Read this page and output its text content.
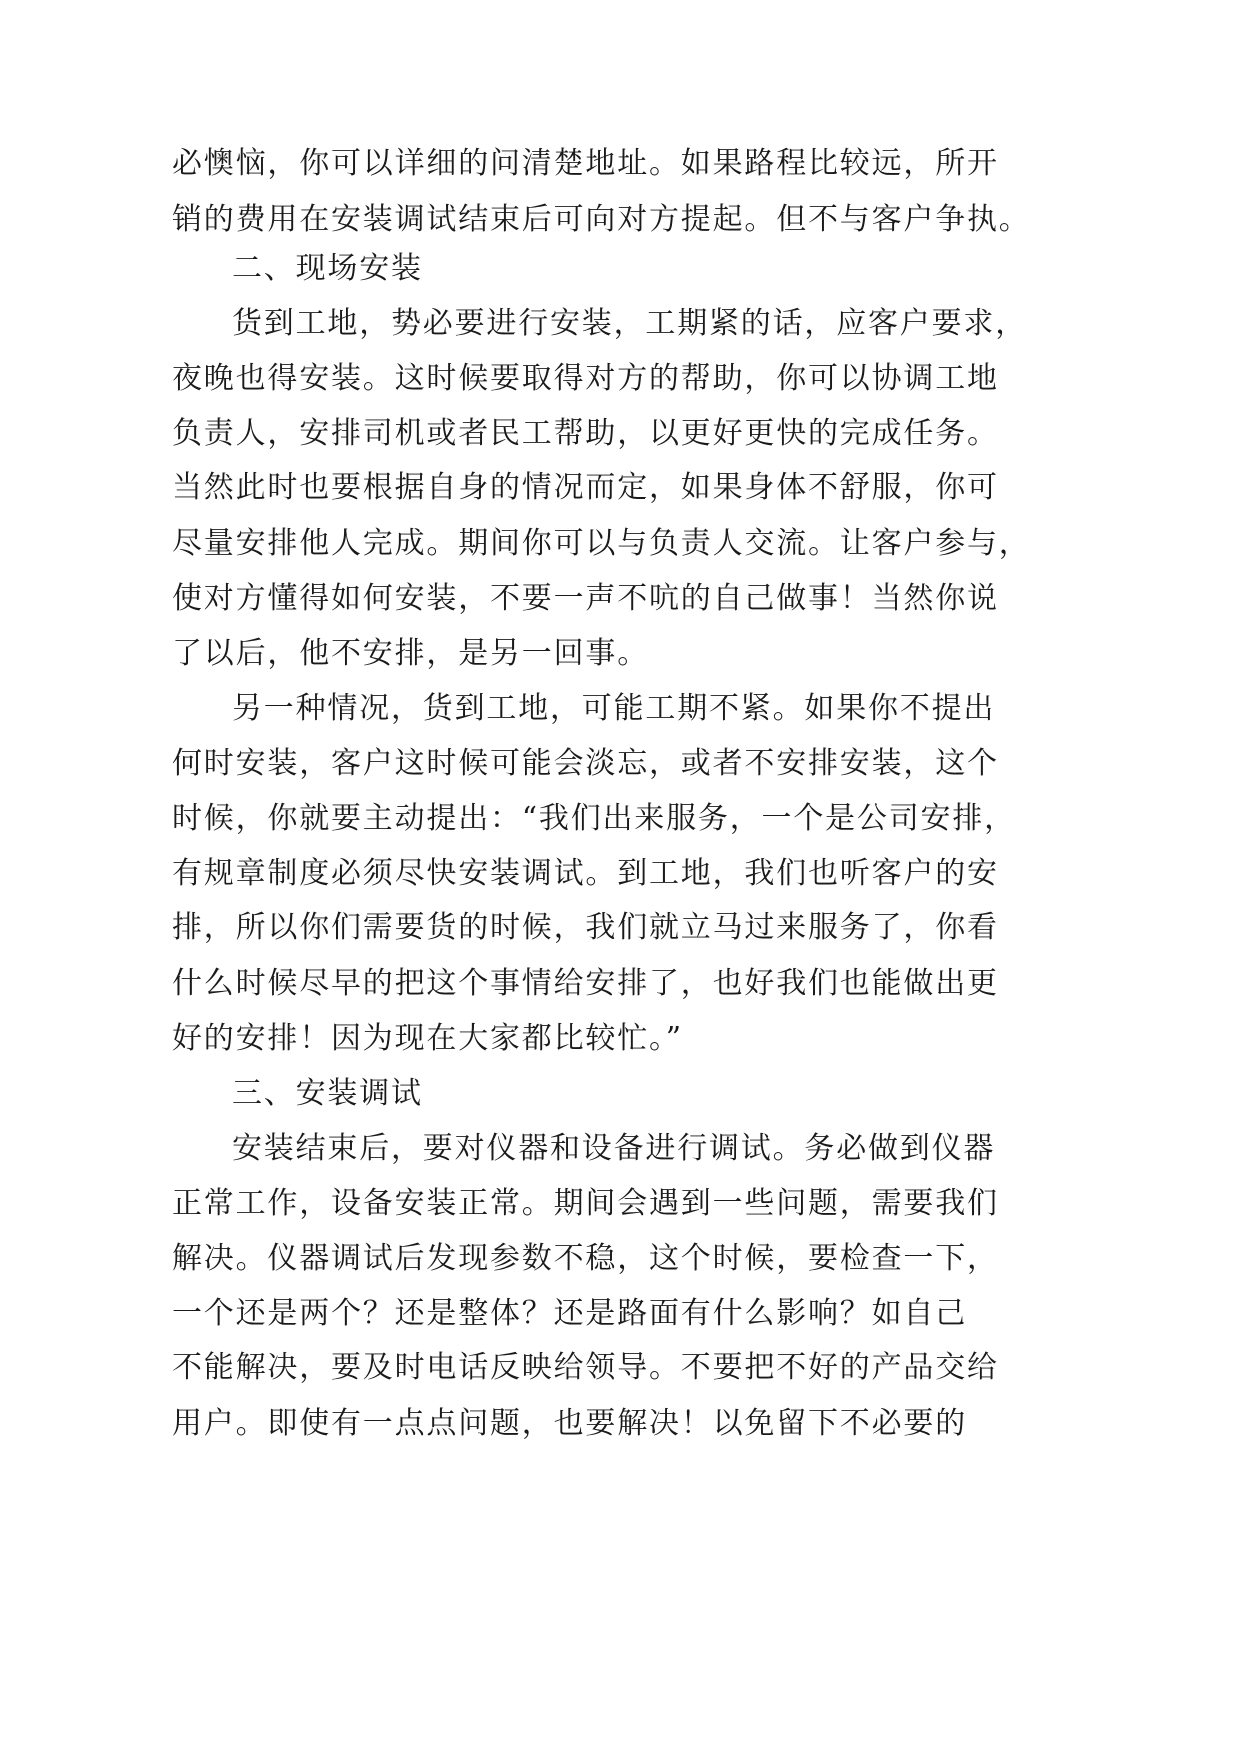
必懊恼，你可以详细的问清楚地址。如果路程比较远，所开
销的费用在安装调试结束后可向对方提起。但不与客户争执。
二、现场安装
货到工地，势必要进行安装，工期紧的话，应客户要求，
夜晚也得安装。这时候要取得对方的帮助，你可以协调工地
负责人，安排司机或者民工帮助，以更好更快的完成任务。
当然此时也要根据自身的情况而定，如果身体不舒服，你可
尽量安排他人完成。期间你可以与负责人交流。让客户参与，
使对方懂得如何安装，不要一声不吭的自己做事！当然你说
了以后，他不安排，是另一回事。
另一种情况，货到工地，可能工期不紧。如果你不提出
何时安装，客户这时候可能会淡忘，或者不安排安装，这个
时候，你就要主动提出：“我们出来服务，一个是公司安排，
有规章制度必须尽快安装调试。到工地，我们也听客户的安
排，所以你们需要货的时候，我们就立马过来服务了，你看
什么时候尽早的把这个事情给安排了，也好我们也能做出更
好的安排！因为现在大家都比较忙。”
三、安装调试
安装结束后，要对仪器和设备进行调试。务必做到仪器
正常工作，设备安装正常。期间会遇到一些问题，需要我们
解决。仪器调试后发现参数不稳，这个时候，要检查一下，
一个还是两个？还是整体？还是路面有什么影响？如自己
不能解决，要及时电话反映给领导。不要把不好的产品交给
用户。即使有一点点问题，也要解决！以免留下不必要的
